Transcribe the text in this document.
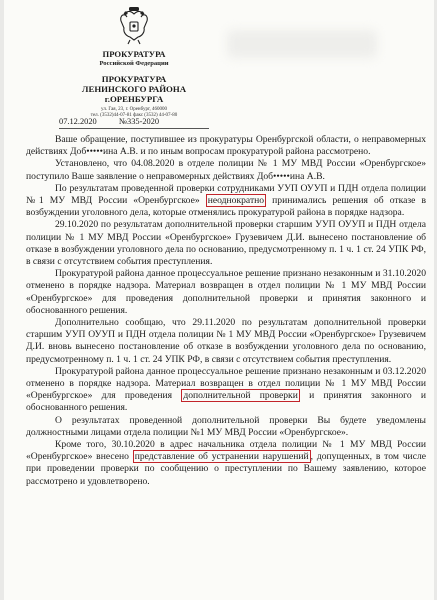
ПРОКУРАТУРА
Российской Федерации
ПРОКУРАТУРА
ЛЕНИНСКОГО РАЙОНА
г.ОРЕНБУРГА
ул. Гая, 23, г. Оренбург, 460000
тел. (3532)44-07-81 факс (3532) 44-07-80
07.12.2020	№ 335-2020

Ваше обращение, поступившее из прокуратуры Оренбургской области, о неправомерных действиях Доб•••••ина А.В. и по иным вопросам прокуратурой района рассмотрено.

Установлено, что 04.08.2020 в отделе полиции № 1 МУ МВД России «Оренбургское» поступило Ваше заявление о неправомерных действиях Доб•••••ина А.В.

По результатам проведенной проверки сотрудниками УУП ОУУП и ПДН отдела полиции №1 МУ МВД России «Оренбургское» неоднократно принимались решения об отказе в возбуждении уголовного дела, которые отменялись прокуратурой района в порядке надзора.

29.10.2020 по результатам дополнительной проверки старшим УУП ОУУП и ПДН отдела полиции № 1 МУ МВД России «Оренбургское» Грузевичем Д.И. вынесено постановление об отказе в возбуждении уголовного дела по основанию, предусмотренному п. 1 ч. 1 ст. 24 УПК РФ, в связи с отсутствием события преступления.

Прокуратурой района данное процессуальное решение признано незаконным и 31.10.2020 отменено в порядке надзора. Материал возвращен в отдел полиции № 1 МУ МВД России «Оренбургское» для проведения дополнительной проверки и принятия законного и обоснованного решения.

Дополнительно сообщаю, что 29.11.2020 по результатам дополнительной проверки старшим УУП ОУУП и ПДН отдела полиции № 1 МУ МВД России «Оренбургское» Грузевичем Д.И. вновь вынесено постановление об отказе в возбуждении уголовного дела по основанию, предусмотренному п. 1 ч. 1 ст. 24 УПК РФ, в связи с отсутствием события преступления.

Прокуратурой района данное процессуальное решение признано незаконным и 03.12.2020 отменено в порядке надзора. Материал возвращен в отдел полиции № 1 МУ МВД России «Оренбургское» для проведения дополнительной проверки и принятия законного и обоснованного решения.

О результатах проведенной дополнительной проверки Вы будете уведомлены должностными лицами отдела полиции №1 МУ МВД России «Оренбургское».

Кроме того, 30.10.2020 в адрес начальника отдела полиции № 1 МУ МВД России «Оренбургское» внесено представление об устранении нарушений , допущенных, в том числе при проведении проверки по сообщению о преступлении по Вашему заявлению, которое рассмотрено и удовлетворено.
